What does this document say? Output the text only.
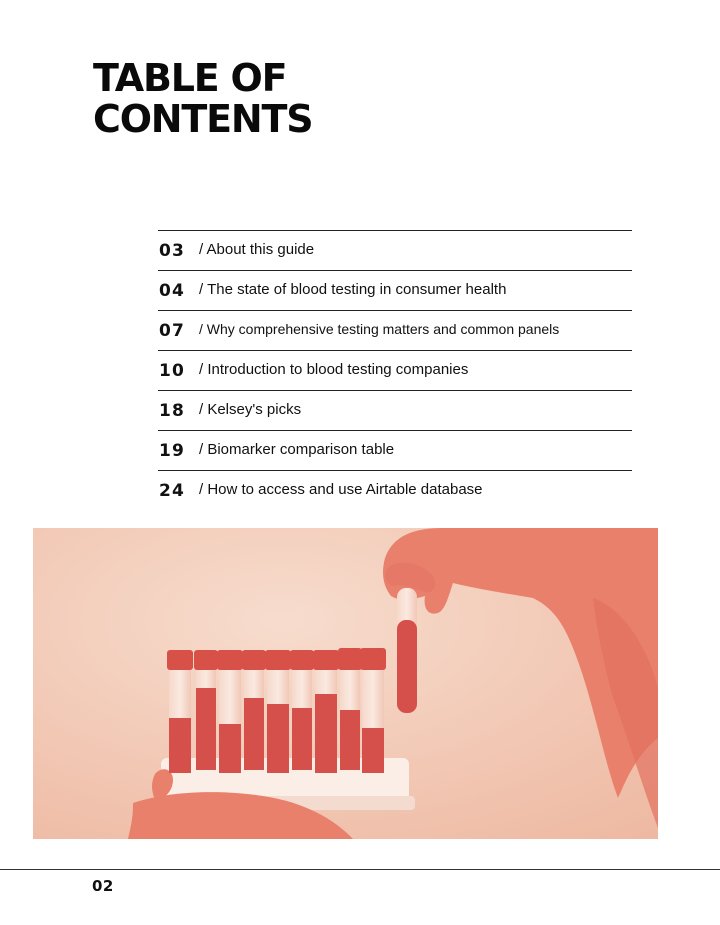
TABLE OF
CONTENTS
03 / About this guide
04 / The state of blood testing in consumer health
07 / Why comprehensive testing matters and common panels
10 / Introduction to blood testing companies
18 / Kelsey's picks
19 / Biomarker comparison table
24 / How to access and use Airtable database
02
